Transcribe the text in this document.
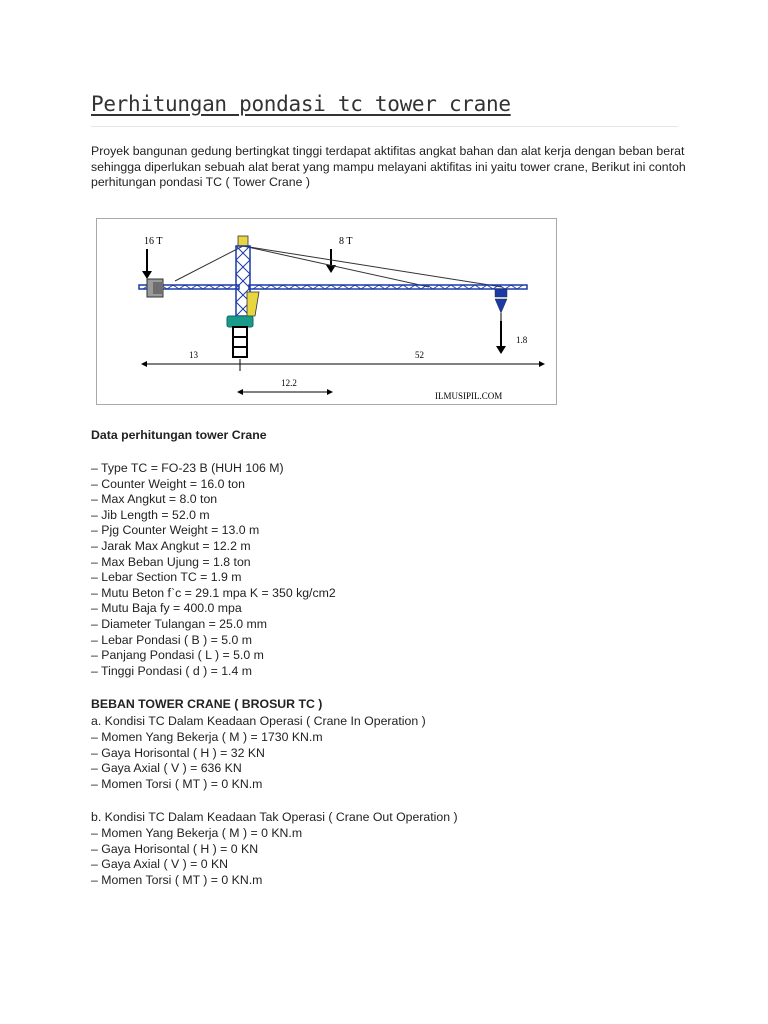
Perhitungan pondasi tc tower crane

Proyek bangunan gedung bertingkat tinggi terdapat aktifitas angkat bahan dan alat kerja dengan beban berat sehingga diperlukan sebuah alat berat yang mampu melayani aktifitas ini yaitu tower crane, Berikut ini contoh perhitungan pondasi TC ( Tower Crane )

16 T	8 T
1.8
13	52
12.2
ILMUSIPIL.COM
Data perhitungan tower Crane
– Type TC = FO-23 B (HUH 106 M)
– Counter Weight = 16.0 ton
– Max Angkut = 8.0 ton
– Jib Length = 52.0 m
– Pjg Counter Weight = 13.0 m
– Jarak Max Angkut = 12.2 m
– Max Beban Ujung = 1.8 ton
– Lebar Section TC = 1.9 m
– Mutu Beton f`c = 29.1 mpa K = 350 kg/cm2
– Mutu Baja fy = 400.0 mpa
– Diameter Tulangan = 25.0 mm
– Lebar Pondasi ( B ) = 5.0 m
– Panjang Pondasi ( L ) = 5.0 m
– Tinggi Pondasi ( d ) = 1.4 m
BEBAN TOWER CRANE ( BROSUR TC )

a. Kondisi TC Dalam Keadaan Operasi ( Crane In Operation )

– Momen Yang Bekerja ( M ) = 1730 KN.m
– Gaya Horisontal ( H ) = 32 KN
– Gaya Axial ( V ) = 636 KN
– Momen Torsi ( MT ) = 0 KN.m

b. Kondisi TC Dalam Keadaan Tak Operasi ( Crane Out Operation )

– Momen Yang Bekerja ( M ) = 0 KN.m
– Gaya Horisontal ( H ) = 0 KN
– Gaya Axial ( V ) = 0 KN
– Momen Torsi ( MT ) = 0 KN.m
